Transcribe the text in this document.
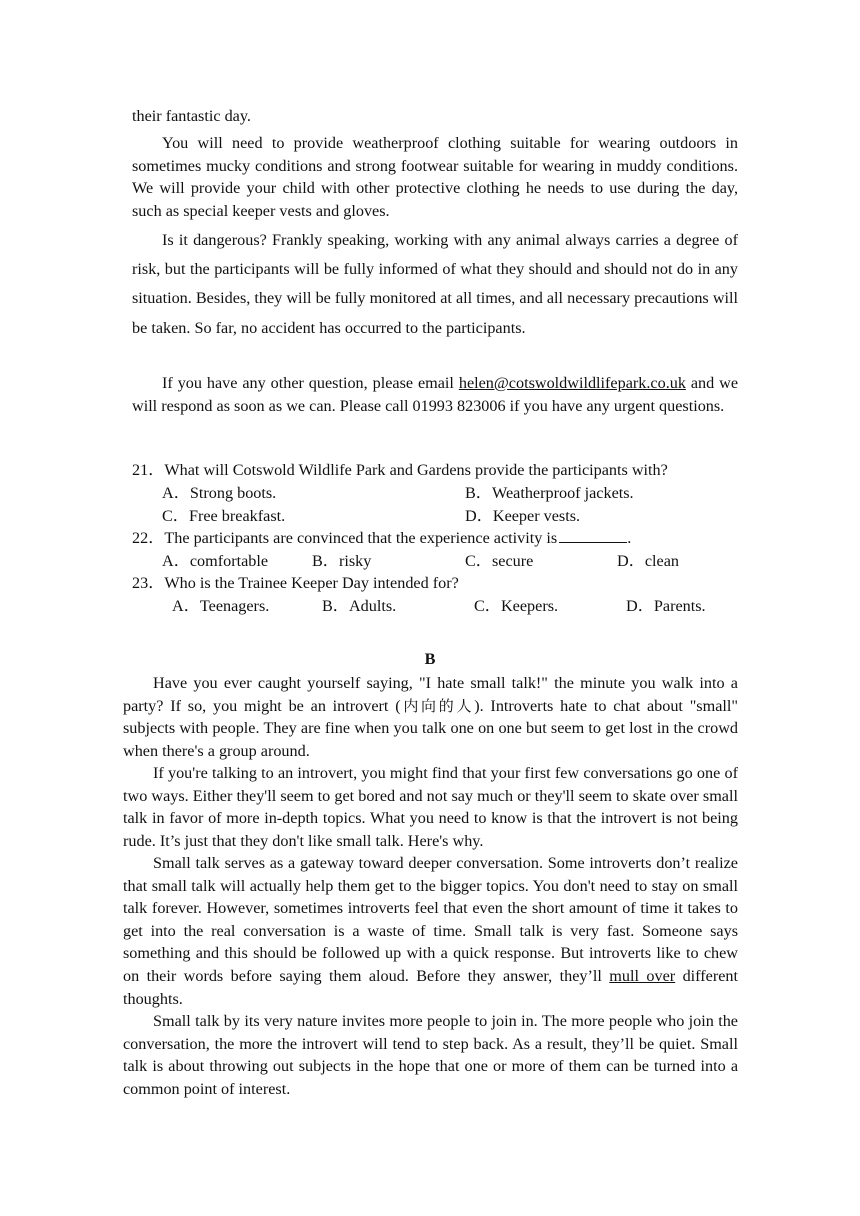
their fantastic day.

You will need to provide weatherproof clothing suitable for wearing outdoors in sometimes mucky conditions and strong footwear suitable for wearing in muddy conditions. We will provide your child with other protective clothing he needs to use during the day, such as special keeper vests and gloves.

Is it dangerous? Frankly speaking, working with any animal always carries a degree of risk, but the participants will be fully informed of what they should and should not do in any situation. Besides, they will be fully monitored at all times, and all necessary precautions will be taken. So far, no accident has occurred to the participants.

If you have any other question, please email helen@cotswoldwildlifepark.co.uk and we will respond as soon as we can. Please call 01993 823006 if you have any urgent questions.

21．What will Cotswold Wildlife Park and Gardens provide the participants with?
A．Strong boots.	B．Weatherproof jackets.
C．Free breakfast.	D．Keeper vests.
22．The participants are convinced that the experience activity is	.
A．comfortable	B．risky	C．secure	D．clean
23．Who is the Trainee Keeper Day intended for?
A．Teenagers.	B．Adults.	C．Keepers.	D．Parents.
B

Have you ever caught yourself saying, "I hate small talk!" the minute you walk into a party? If so, you might be an introvert (内向的人). Introverts hate to chat about "small" subjects with people. They are fine when you talk one on one but seem to get lost in the crowd when there's a group around.

If you're talking to an introvert, you might find that your first few conversations go one of two ways. Either they'll seem to get bored and not say much or they'll seem to skate over small talk in favor of more in-depth topics. What you need to know is that the introvert is not being rude. It’s just that they don't like small talk. Here's why.

Small talk serves as a gateway toward deeper conversation. Some introverts don’t realize that small talk will actually help them get to the bigger topics. You don't need to stay on small talk forever. However, sometimes introverts feel that even the short amount of time it takes to get into the real conversation is a waste of time. Small talk is very fast. Someone says something and this should be followed up with a quick response. But introverts like to chew on their words before saying them aloud. Before they answer, they’ll mull over different thoughts.

Small talk by its very nature invites more people to join in. The more people who join the conversation, the more the introvert will tend to step back. As a result, they’ll be quiet. Small talk is about throwing out subjects in the hope that one or more of them can be turned into a common point of interest.
